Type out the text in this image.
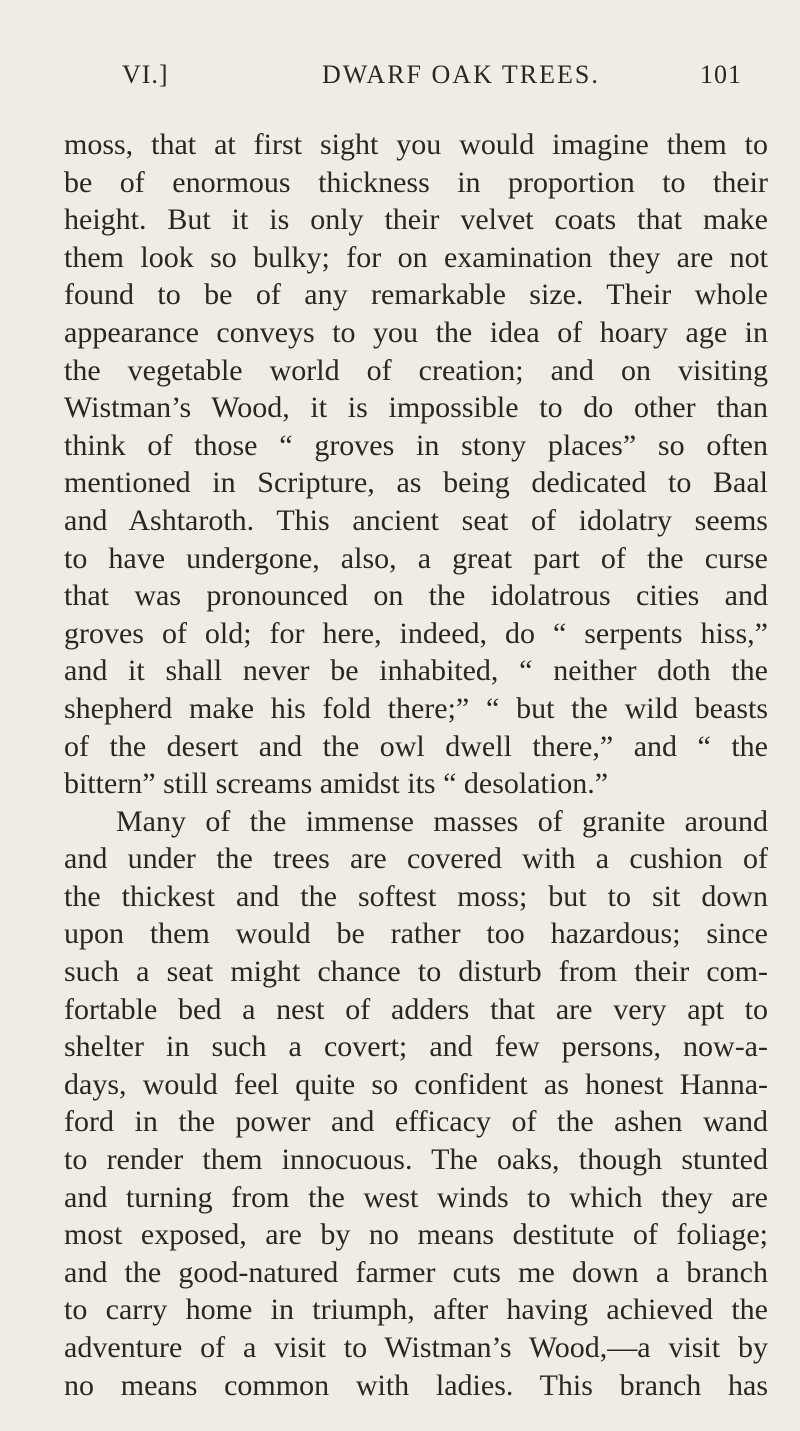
VI.]	DWARF OAK TREES.	101
moss, that at first sight you would imagine them to
be of enormous thickness in proportion to their
height. But it is only their velvet coats that make
them look so bulky; for on examination they are not
found to be of any remarkable size. Their whole
appearance conveys to you the idea of hoary age in
the vegetable world of creation; and on visiting
Wistman’s Wood, it is impossible to do other than
think of those “ groves in stony places” so often
mentioned in Scripture, as being dedicated to Baal
and Ashtaroth. This ancient seat of idolatry seems
to have undergone, also, a great part of the curse
that was pronounced on the idolatrous cities and
groves of old; for here, indeed, do “ serpents hiss,”
and it shall never be inhabited, “ neither doth the
shepherd make his fold there;” “ but the wild beasts
of the desert and the owl dwell there,” and “ the
bittern” still screams amidst its “ desolation.”
Many of the immense masses of granite around
and under the trees are covered with a cushion of
the thickest and the softest moss; but to sit down
upon them would be rather too hazardous; since
such a seat might chance to disturb from their com-
fortable bed a nest of adders that are very apt to
shelter in such a covert; and few persons, now-a-
days, would feel quite so confident as honest Hanna-
ford in the power and efficacy of the ashen wand
to render them innocuous. The oaks, though stunted
and turning from the west winds to which they are
most exposed, are by no means destitute of foliage;
and the good-natured farmer cuts me down a branch
to carry home in triumph, after having achieved the
adventure of a visit to Wistman’s Wood,—a visit by
no means common with ladies. This branch has
